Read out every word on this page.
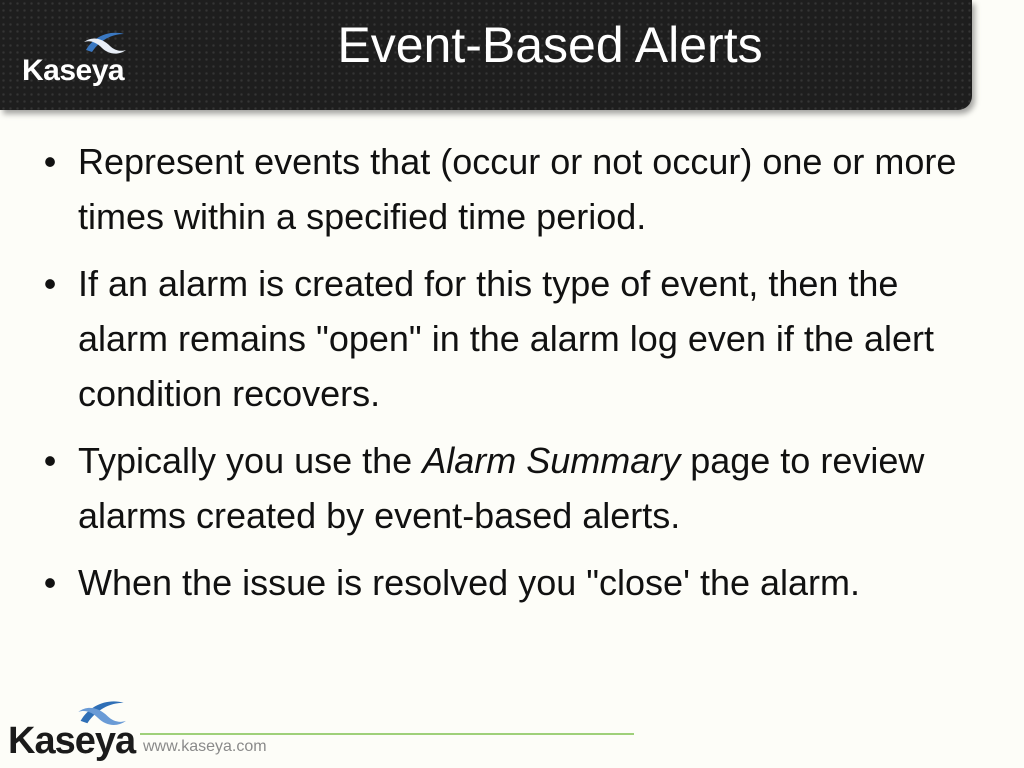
Kaseya	Event-Based Alerts
• Represent events that (occur or not occur) one or more times within a specified time period.
• If an alarm is created for this type of event, then the alarm remains "open" in the alarm log even if the alert condition recovers.
• Typically you use the Alarm Summary page to review alarms created by event-based alerts.
• When the issue is resolved you "close' the alarm.
Kaseya www.kaseya.com
